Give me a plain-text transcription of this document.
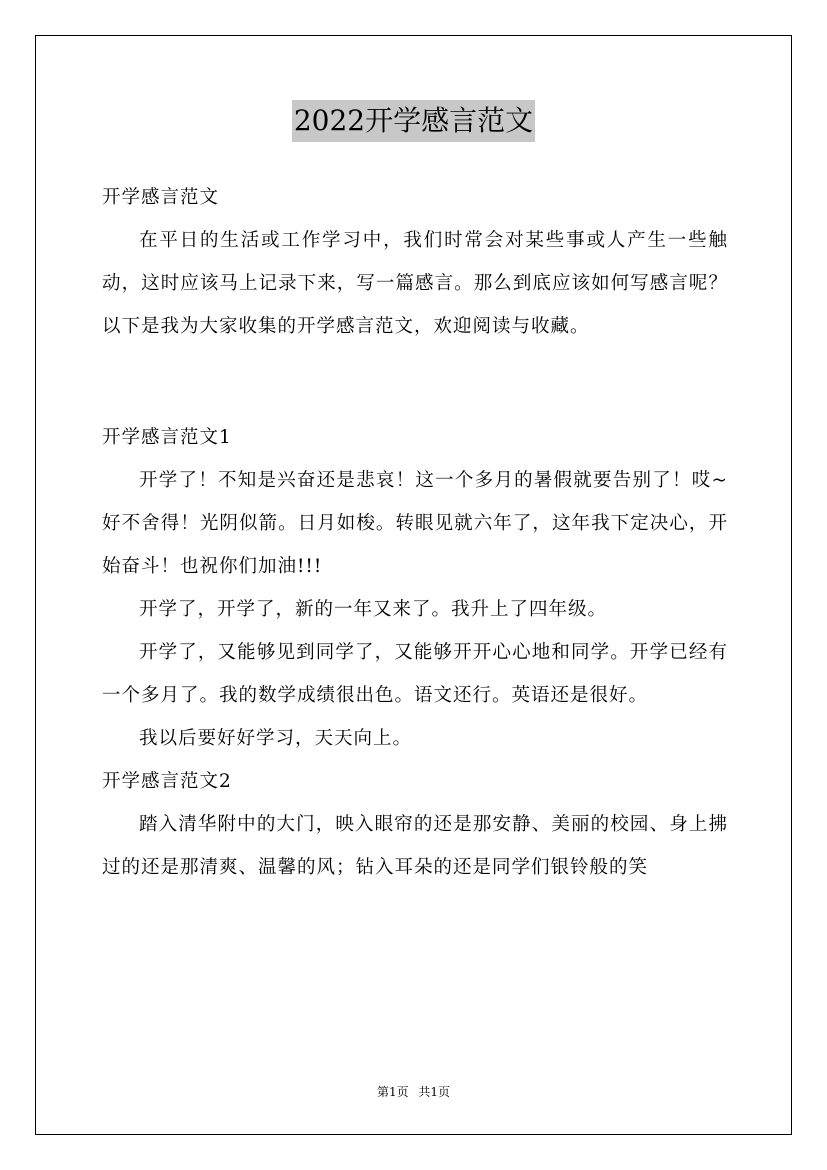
2022开学感言范文

开学感言范文

在平日的生活或工作学习中，我们时常会对某些事或人产生一些触动，这时应该马上记录下来，写一篇感言。那么到底应该如何写感言呢？以下是我为大家收集的开学感言范文，欢迎阅读与收藏。

开学感言范文1

开学了！不知是兴奋还是悲哀！这一个多月的暑假就要告别了！哎~好不舍得！光阴似箭。日月如梭。转眼见就六年了，这年我下定决心，开始奋斗！也祝你们加油!!!

开学了，开学了，新的一年又来了。我升上了四年级。

开学了，又能够见到同学了，又能够开开心心地和同学。开学已经有一个多月了。我的数学成绩很出色。语文还行。英语还是很好。

我以后要好好学习，天天向上。

开学感言范文2

踏入清华附中的大门，映入眼帘的还是那安静、美丽的校园、身上拂过的还是那清爽、温馨的风；钻入耳朵的还是同学们银铃般的笑

第1页 共1页
